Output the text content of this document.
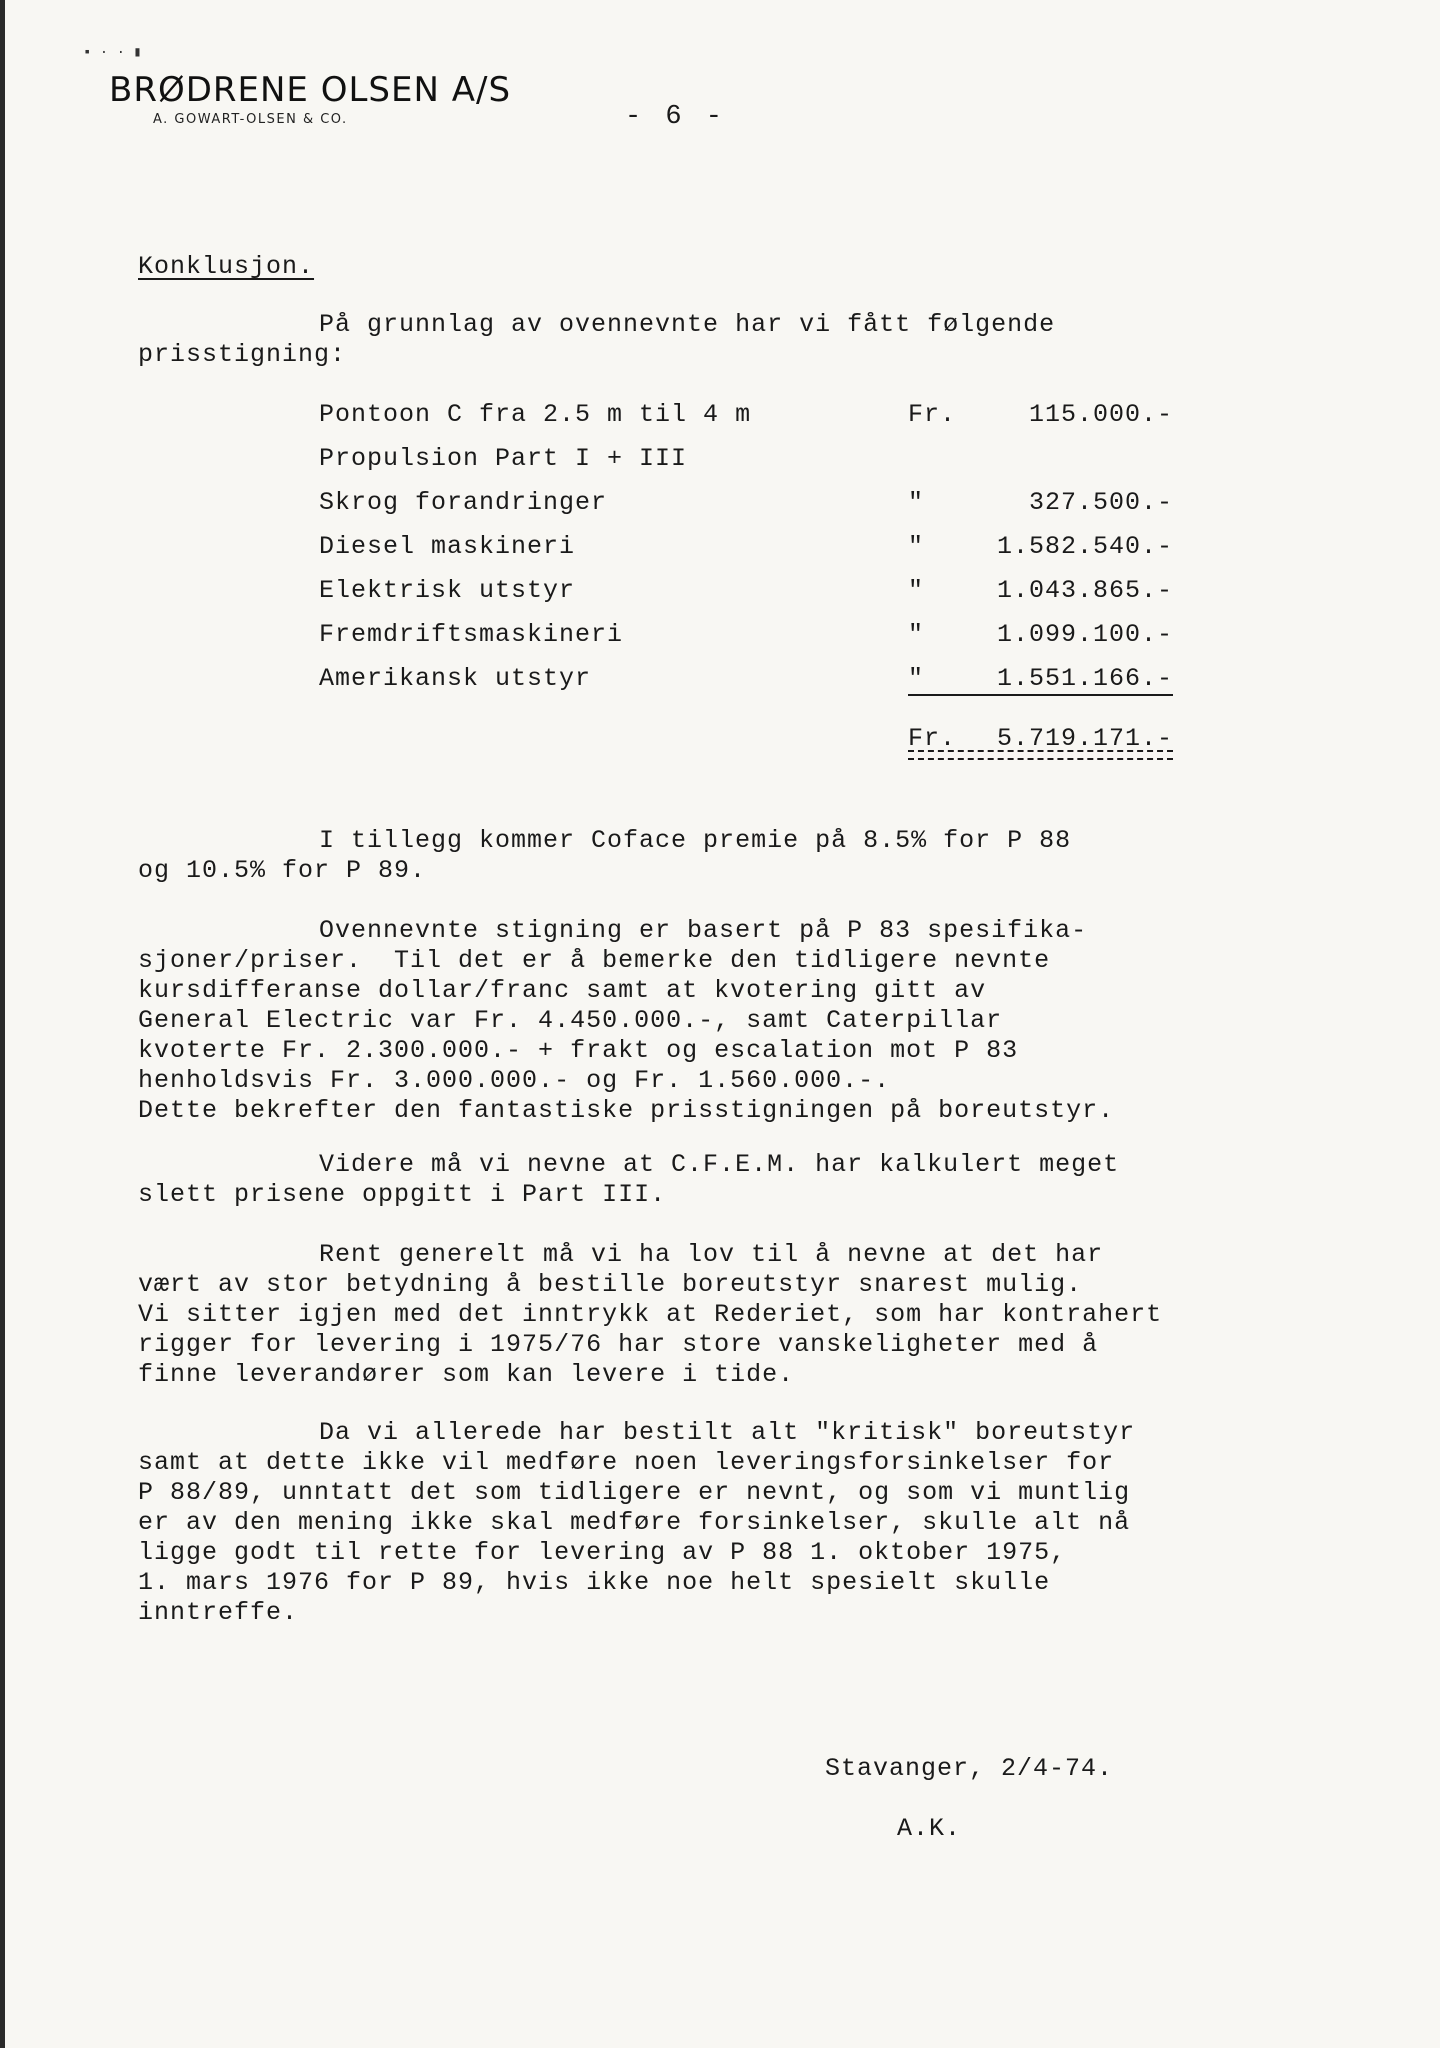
▪ · · ▮
BRØDRENE OLSEN A/S
A. GOWART-OLSEN & CO.	- 6 -
Konklusjon.
På grunnlag av ovennevnte har vi fått følgende
prisstigning:
Pontoon C fra 2.5 m til 4 m	Fr.	115.000.-
Propulsion Part I + III
Skrog forandringer	"	327.500.-
Diesel maskineri	"	1.582.540.-
Elektrisk utstyr	"	1.043.865.-
Fremdriftsmaskineri	"	1.099.100.-
Amerikansk utstyr	"	1.551.166.-
Fr.	5.719.171.-
I tillegg kommer Coface premie på 8.5% for P 88
og 10.5% for P 89.
Ovennevnte stigning er basert på P 83 spesifika-
sjoner/priser.  Til det er å bemerke den tidligere nevnte
kursdifferanse dollar/franc samt at kvotering gitt av
General Electric var Fr. 4.450.000.-, samt Caterpillar
kvoterte Fr. 2.300.000.- + frakt og escalation mot P 83
henholdsvis Fr. 3.000.000.- og Fr. 1.560.000.-.
Dette bekrefter den fantastiske prisstigningen på boreutstyr.
Videre må vi nevne at C.F.E.M. har kalkulert meget
slett prisene oppgitt i Part III.
Rent generelt må vi ha lov til å nevne at det har
vært av stor betydning å bestille boreutstyr snarest mulig.
Vi sitter igjen med det inntrykk at Rederiet, som har kontrahert
rigger for levering i 1975/76 har store vanskeligheter med å
finne leverandører som kan levere i tide.
Da vi allerede har bestilt alt "kritisk" boreutstyr
samt at dette ikke vil medføre noen leveringsforsinkelser for
P 88/89, unntatt det som tidligere er nevnt, og som vi muntlig
er av den mening ikke skal medføre forsinkelser, skulle alt nå
ligge godt til rette for levering av P 88 1. oktober 1975,
1. mars 1976 for P 89, hvis ikke noe helt spesielt skulle
inntreffe.
Stavanger, 2/4-74.
A.K.
